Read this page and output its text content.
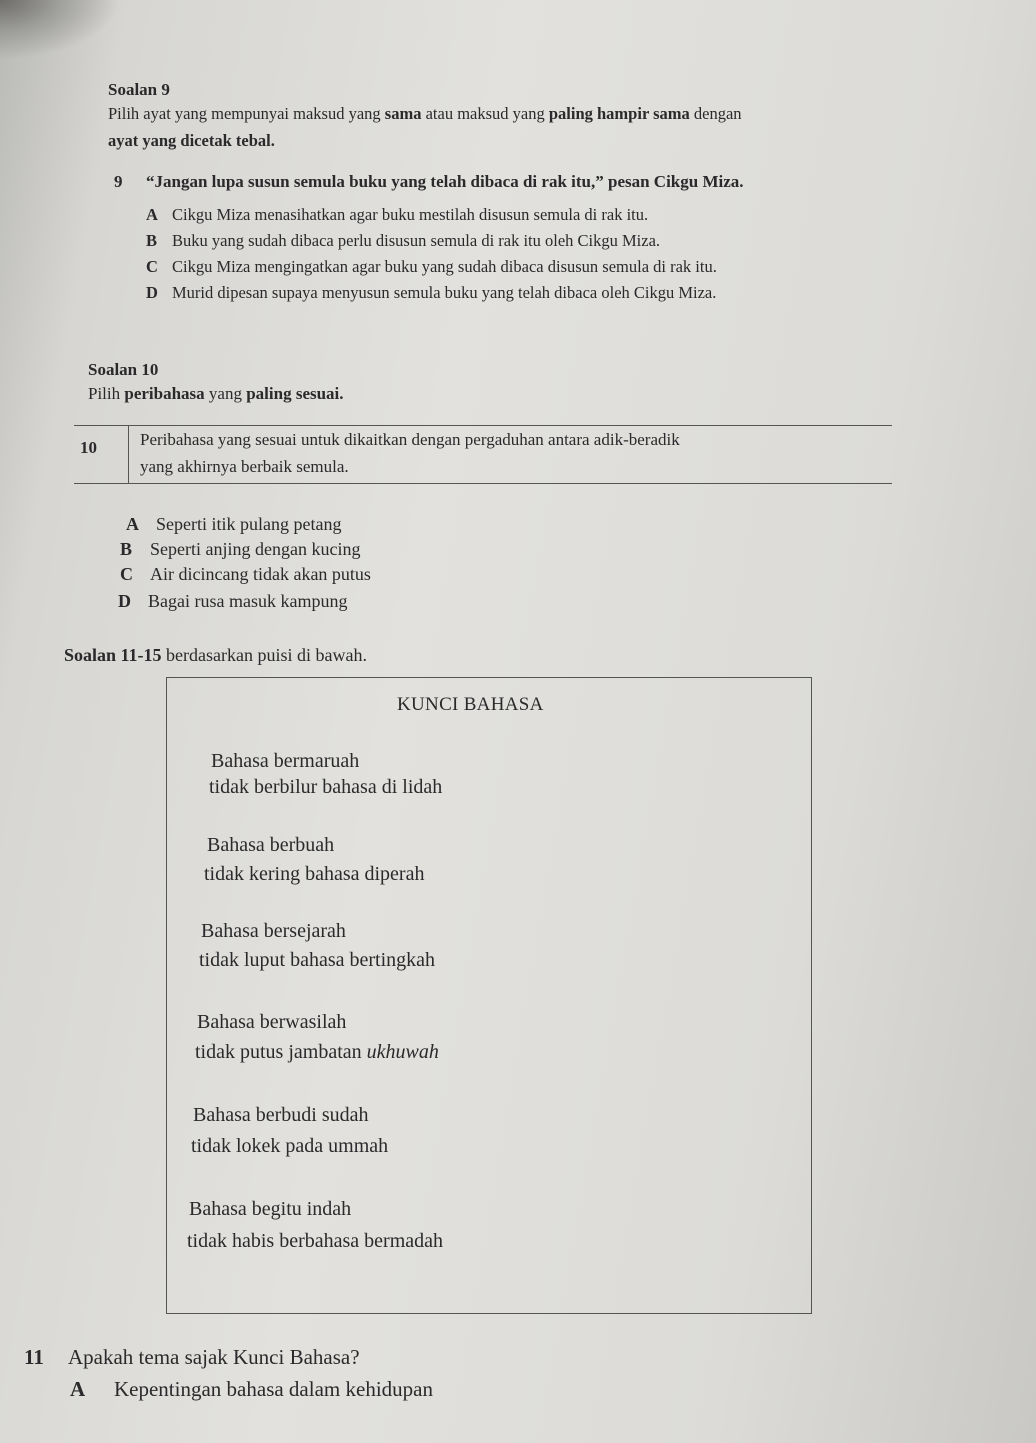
Soalan 9
Pilih ayat yang mempunyai maksud yang sama atau maksud yang paling hampir sama dengan
ayat yang dicetak tebal.
9 “Jangan lupa susun semula buku yang telah dibaca di rak itu,” pesan Cikgu Miza.
A Cikgu Miza menasihatkan agar buku mestilah disusun semula di rak itu.
B Buku yang sudah dibaca perlu disusun semula di rak itu oleh Cikgu Miza.
C Cikgu Miza mengingatkan agar buku yang sudah dibaca disusun semula di rak itu.
D Murid dipesan supaya menyusun semula buku yang telah dibaca oleh Cikgu Miza.
Soalan 10
Pilih peribahasa yang paling sesuai.
10	Peribahasa yang sesuai untuk dikaitkan dengan pergaduhan antara adik-beradik
yang akhirnya berbaik semula.
A Seperti itik pulang petang
B Seperti anjing dengan kucing
C Air dicincang tidak akan putus
D Bagai rusa masuk kampung
Soalan 11-15 berdasarkan puisi di bawah.
KUNCI BAHASA
Bahasa bermaruah
tidak berbilur bahasa di lidah
Bahasa berbuah
tidak kering bahasa diperah
Bahasa bersejarah
tidak luput bahasa bertingkah
Bahasa berwasilah
tidak putus jambatan ukhuwah
Bahasa berbudi sudah
tidak lokek pada ummah
Bahasa begitu indah
tidak habis berbahasa bermadah
11 Apakah tema sajak Kunci Bahasa?
A Kepentingan bahasa dalam kehidupan
